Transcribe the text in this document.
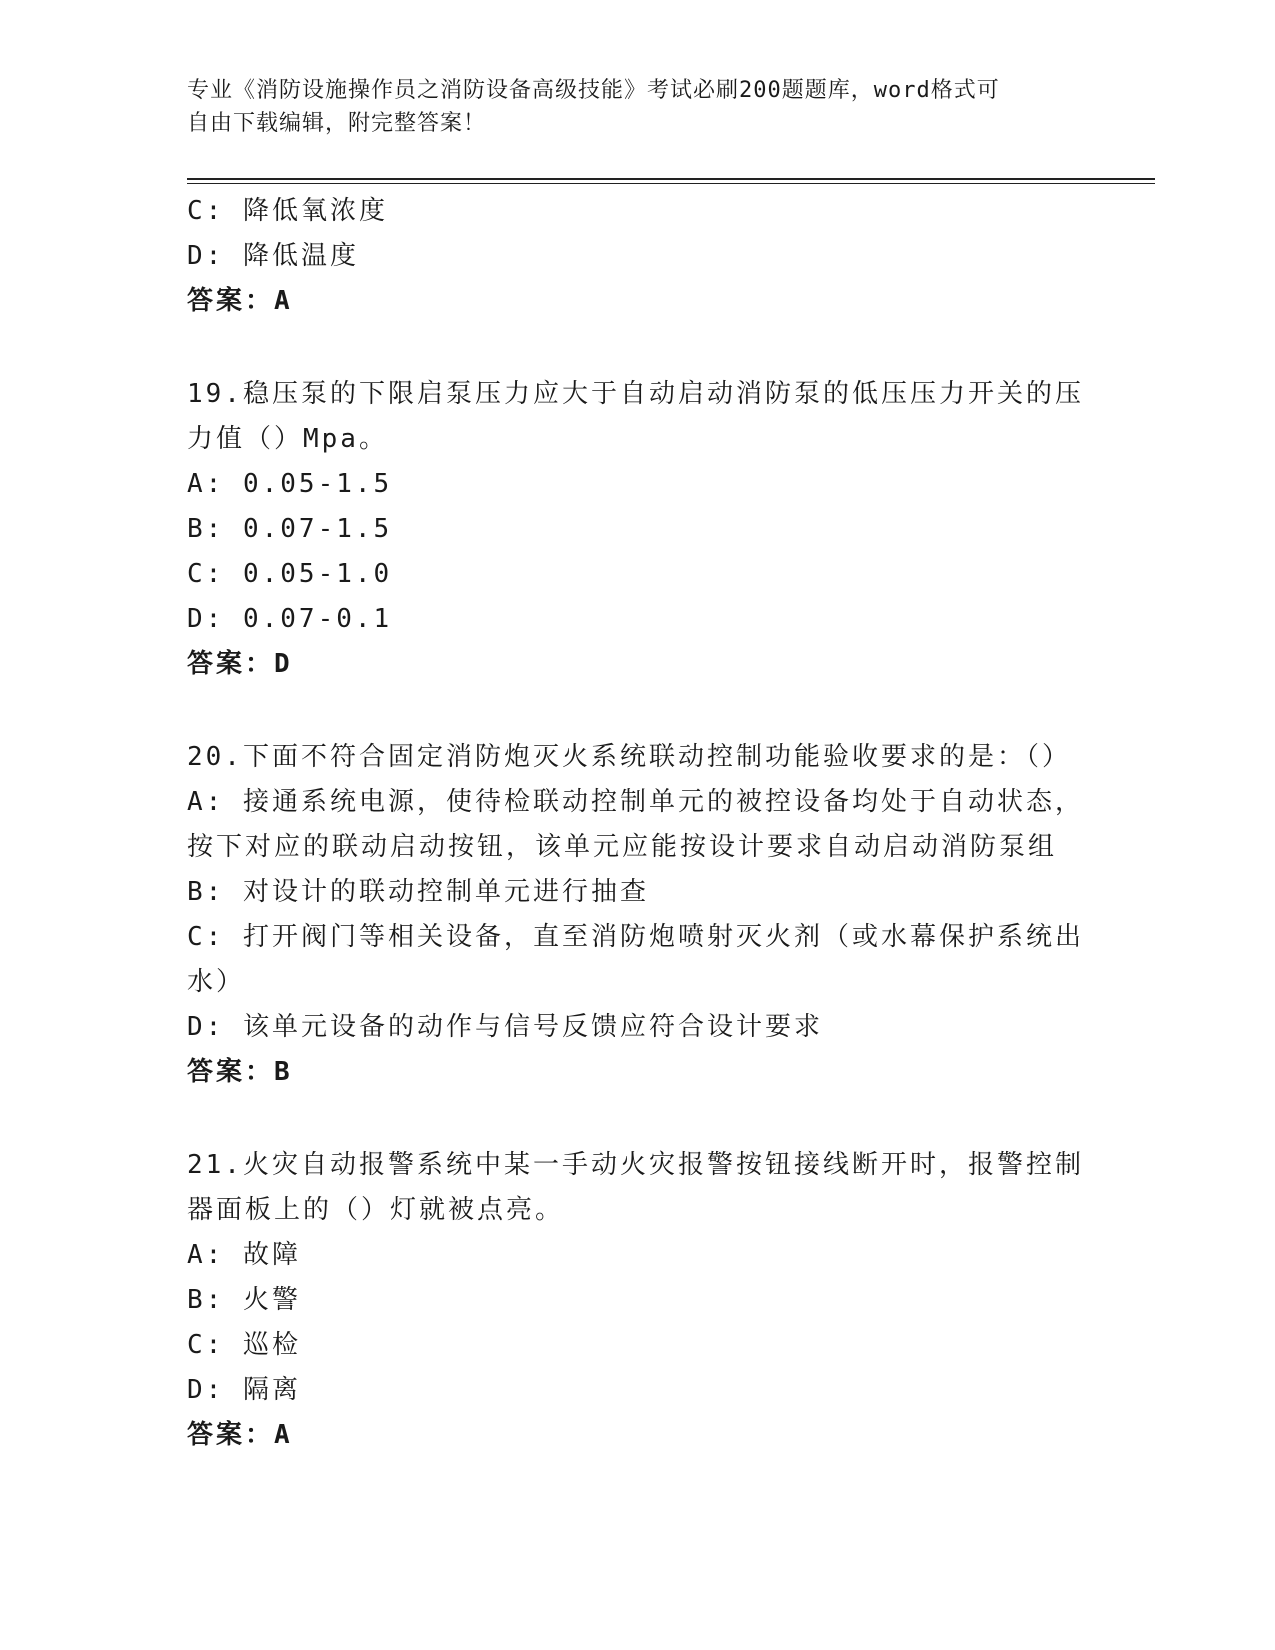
专业《消防设施操作员之消防设备高级技能》考试必刷200题题库，word格式可
自由下载编辑，附完整答案！
C: 降低氧浓度
D: 降低温度
答案：A
19.稳压泵的下限启泵压力应大于自动启动消防泵的低压压力开关的压
力值（）Mpa。
A: 0.05-1.5
B: 0.07-1.5
C: 0.05-1.0
D: 0.07-0.1
答案：D
20.下面不符合固定消防炮灭火系统联动控制功能验收要求的是：（）
A: 接通系统电源，使待检联动控制单元的被控设备均处于自动状态，
按下对应的联动启动按钮，该单元应能按设计要求自动启动消防泵组
B: 对设计的联动控制单元进行抽查
C: 打开阀门等相关设备，直至消防炮喷射灭火剂（或水幕保护系统出
水）
D: 该单元设备的动作与信号反馈应符合设计要求
答案：B
21.火灾自动报警系统中某一手动火灾报警按钮接线断开时，报警控制
器面板上的（）灯就被点亮。
A: 故障
B: 火警
C: 巡检
D: 隔离
答案：A
